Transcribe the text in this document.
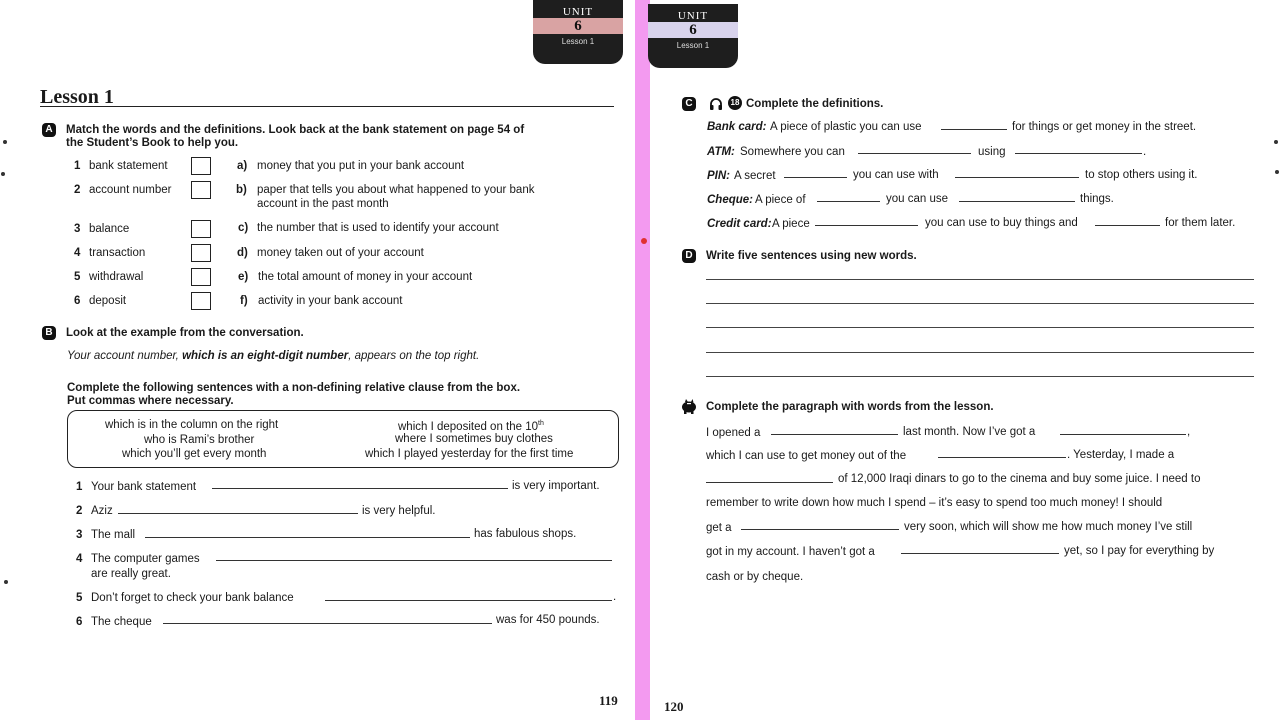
UNIT
6
Lesson 1
UNIT
6
Lesson 1
Lesson 1
A Match the words and the definitions. Look back at the bank statement on page 54 of
the Student’s Book to help you.
1 bank statement	a) money that you put in your bank account
2 account number	b) paper that tells you about what happened to your bank
account in the past month
3 balance	c) the number that is used to identify your account
4 transaction	d) money taken out of your account
5 withdrawal	e) the total amount of money in your account
6 deposit	f) activity in your bank account
B Look at the example from the conversation.
Your account number, which is an eight-digit number, appears on the top right.
Complete the following sentences with a non-defining relative clause from the box.
Put commas where necessary.
which is in the column on the right
who is Rami’s brother
which you’ll get every month
which I deposited on the 10th
where I sometimes buy clothes
which I played yesterday for the first time
1 Your bank statement	is very important.
2 Aziz	is very helpful.
3 The mall	has fabulous shops.
4 The computer games
are really great.
5 Don’t forget to check your bank balance	.
6 The cheque	was for 450 pounds.
119
C	18 Complete the definitions.
Bank card: A piece of plastic you can use	for things or get money in the street.
ATM: Somewhere you can	using	.
PIN: A secret	you can use with	to stop others using it.
Cheque: A piece of	you can use	things.
Credit card: A piece	you can use to buy things and	for them later.
D Write five sentences using new words.
Complete the paragraph with words from the lesson.
I opened a	last month. Now I’ve got a	,
which I can use to get money out of the	. Yesterday, I made a
of 12,000 Iraqi dinars to go to the cinema and buy some juice. I need to
remember to write down how much I spend – it’s easy to spend too much money! I should
get a	very soon, which will show me how much money I’ve still
got in my account. I haven’t got a	yet, so I pay for everything by
cash or by cheque.
120
